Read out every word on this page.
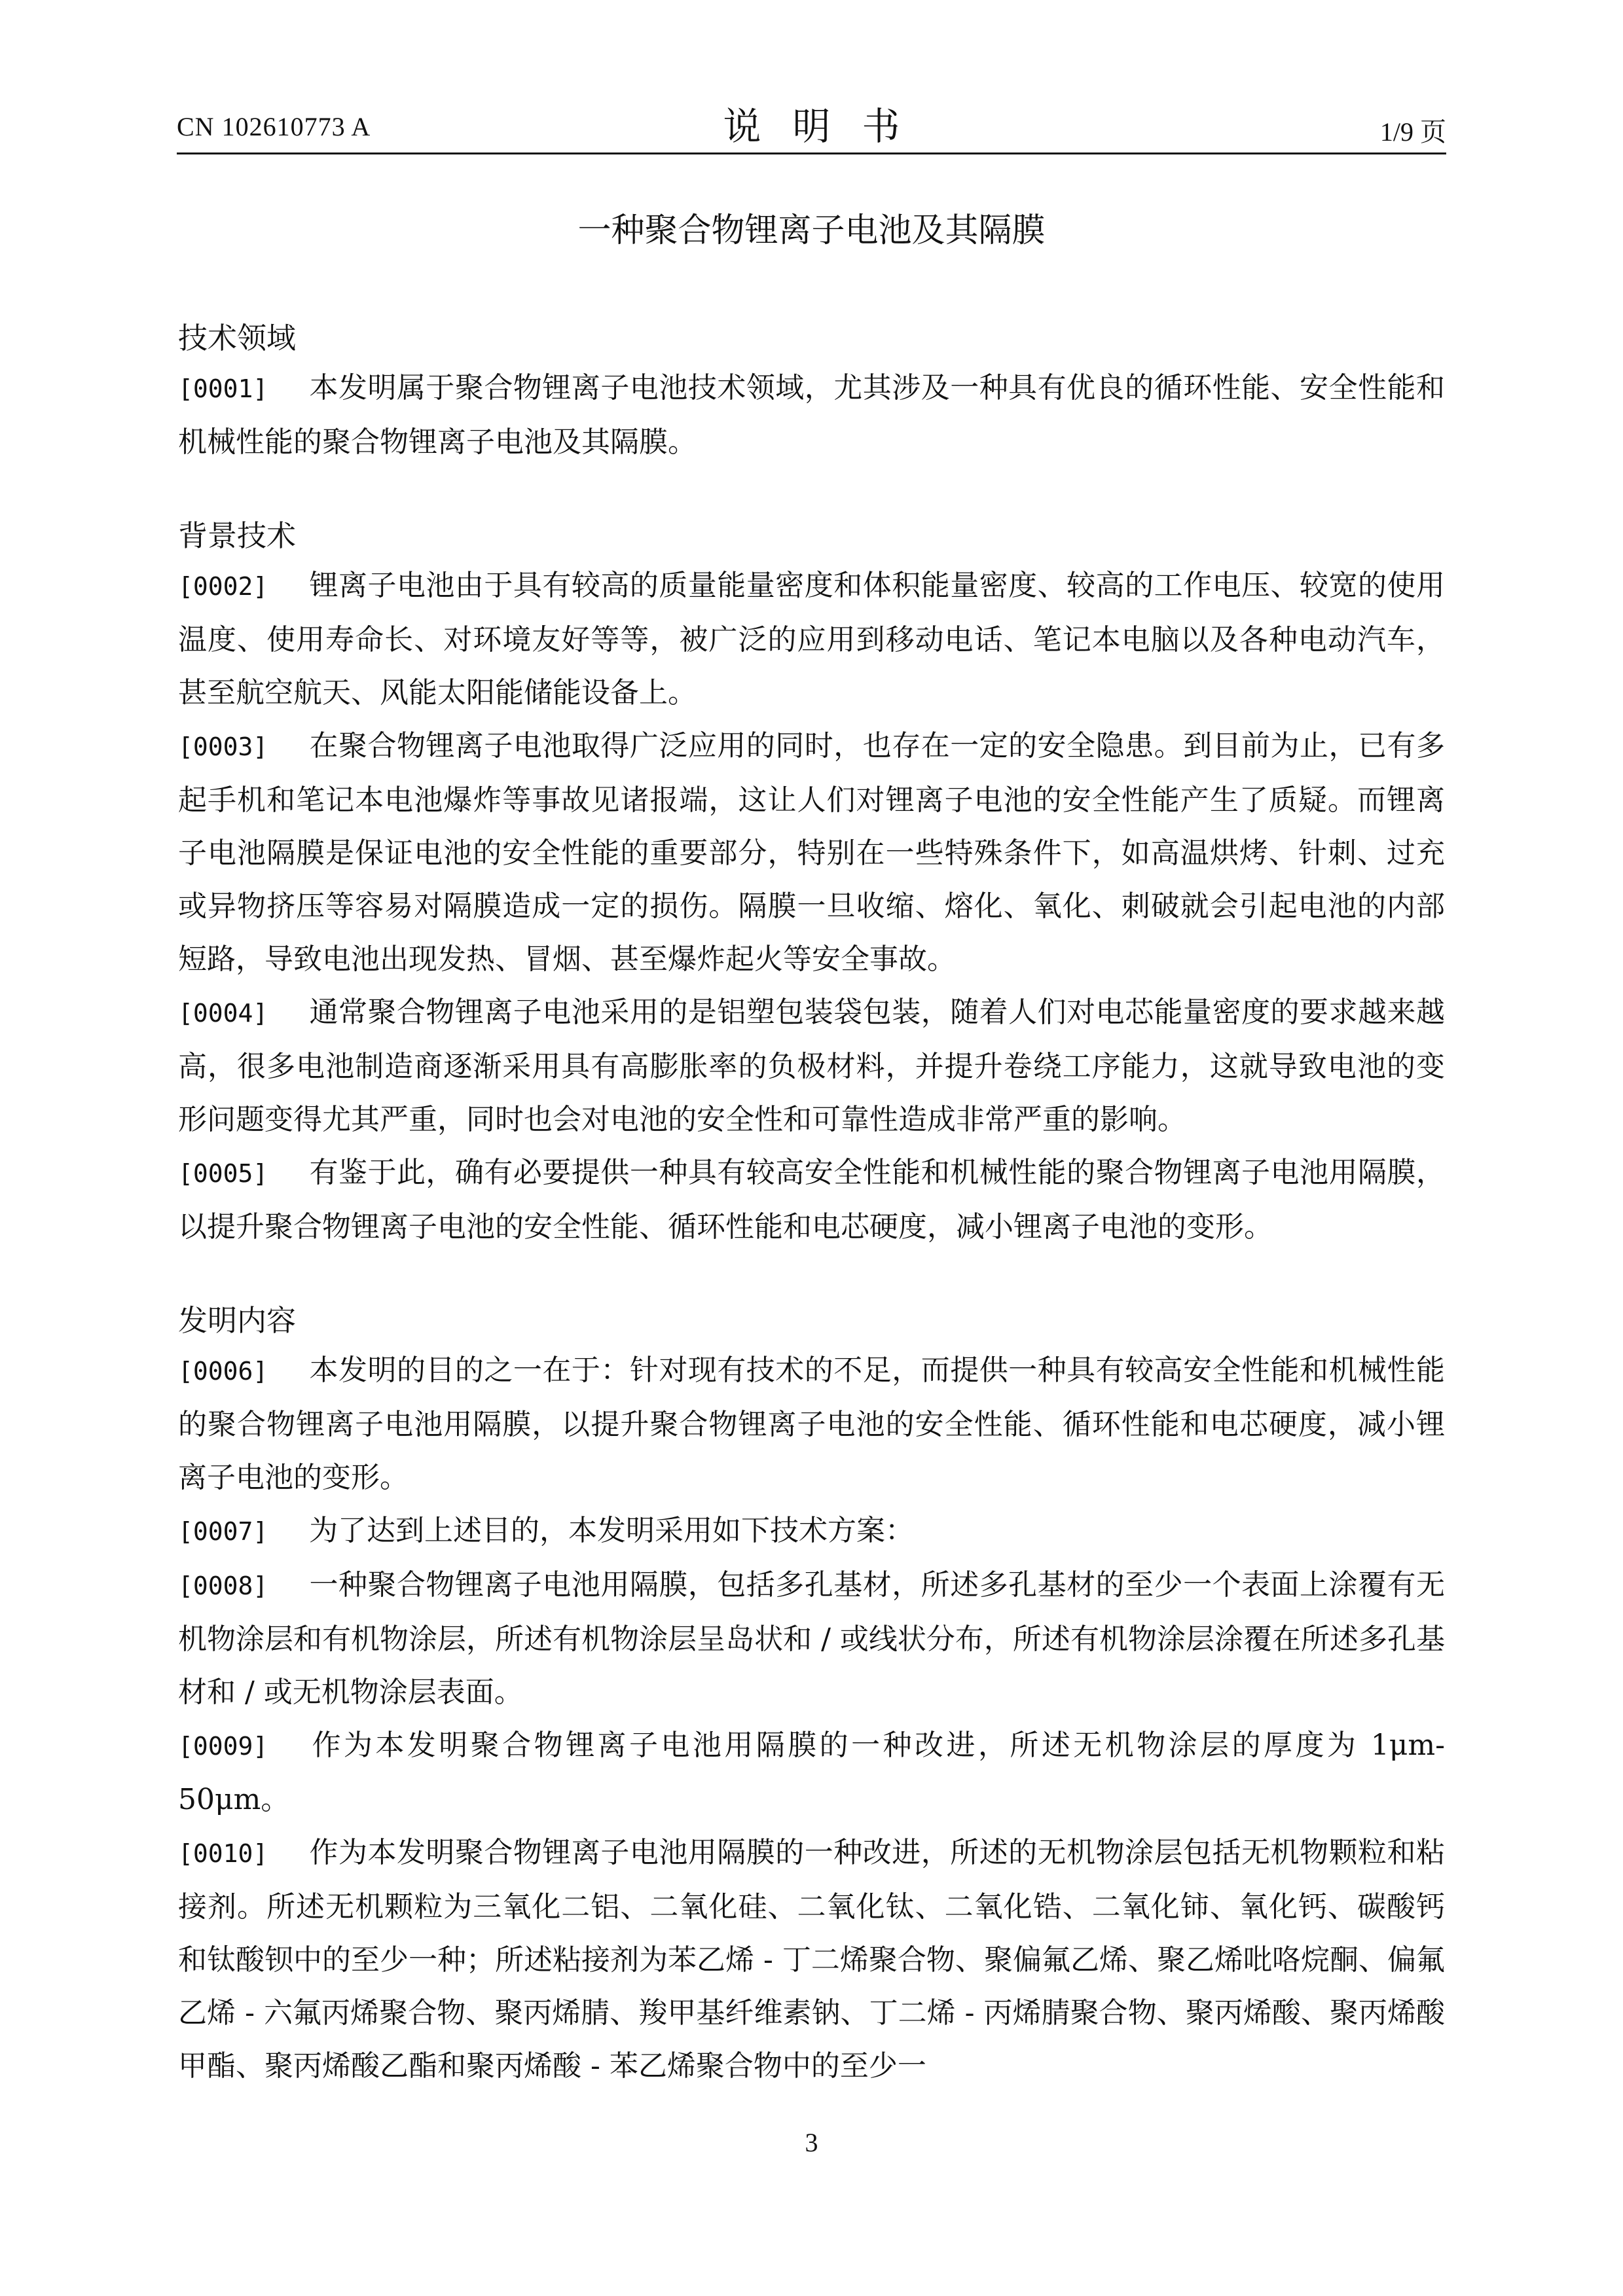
CN 102610773 A	说明书	1/9 页
一种聚合物锂离子电池及其隔膜
技术领域

[0001] 本发明属于聚合物锂离子电池技术领域，尤其涉及一种具有优良的循环性能、安全性能和机械性能的聚合物锂离子电池及其隔膜。

背景技术

[0002] 锂离子电池由于具有较高的质量能量密度和体积能量密度、较高的工作电压、较宽的使用温度、使用寿命长、对环境友好等等，被广泛的应用到移动电话、笔记本电脑以及各种电动汽车，甚至航空航天、风能太阳能储能设备上。

[0003] 在聚合物锂离子电池取得广泛应用的同时，也存在一定的安全隐患。到目前为止，已有多起手机和笔记本电池爆炸等事故见诸报端，这让人们对锂离子电池的安全性能产生了质疑。而锂离子电池隔膜是保证电池的安全性能的重要部分，特别在一些特殊条件下，如高温烘烤、针刺、过充或异物挤压等容易对隔膜造成一定的损伤。隔膜一旦收缩、熔化、氧化、刺破就会引起电池的内部短路，导致电池出现发热、冒烟、甚至爆炸起火等安全事故。

[0004] 通常聚合物锂离子电池采用的是铝塑包装袋包装，随着人们对电芯能量密度的要求越来越高，很多电池制造商逐渐采用具有高膨胀率的负极材料，并提升卷绕工序能力，这就导致电池的变形问题变得尤其严重，同时也会对电池的安全性和可靠性造成非常严重的影响。

[0005] 有鉴于此，确有必要提供一种具有较高安全性能和机械性能的聚合物锂离子电池用隔膜，以提升聚合物锂离子电池的安全性能、循环性能和电芯硬度，减小锂离子电池的变形。

发明内容

[0006] 本发明的目的之一在于：针对现有技术的不足，而提供一种具有较高安全性能和机械性能的聚合物锂离子电池用隔膜，以提升聚合物锂离子电池的安全性能、循环性能和电芯硬度，减小锂离子电池的变形。

[0007] 为了达到上述目的，本发明采用如下技术方案：

[0008] 一种聚合物锂离子电池用隔膜，包括多孔基材，所述多孔基材的至少一个表面上涂覆有无机物涂层和有机物涂层，所述有机物涂层呈岛状和 / 或线状分布，所述有机物涂层涂覆在所述多孔基材和 / 或无机物涂层表面。

[0009] 作为本发明聚合物锂离子电池用隔膜的一种改进，所述无机物涂层的厚度为 1μm-50μm。

[0010] 作为本发明聚合物锂离子电池用隔膜的一种改进，所述的无机物涂层包括无机物颗粒和粘接剂。所述无机颗粒为三氧化二铝、二氧化硅、二氧化钛、二氧化锆、二氧化铈、氧化钙、碳酸钙和钛酸钡中的至少一种；所述粘接剂为苯乙烯 - 丁二烯聚合物、聚偏氟乙烯、聚乙烯吡咯烷酮、偏氟乙烯 - 六氟丙烯聚合物、聚丙烯腈、羧甲基纤维素钠、丁二烯 - 丙烯腈聚合物、聚丙烯酸、聚丙烯酸甲酯、聚丙烯酸乙酯和聚丙烯酸 - 苯乙烯聚合物中的至少一

3
